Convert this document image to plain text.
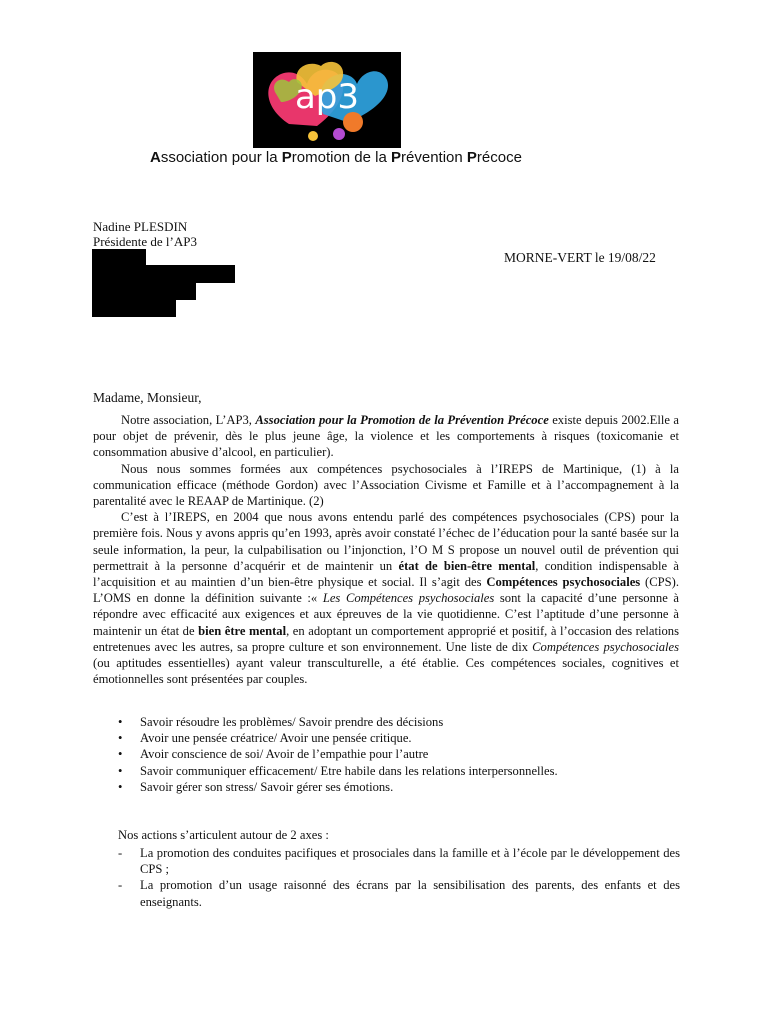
ap3
Association pour la Promotion de la Prévention Précoce
Nadine PLESDIN
Présidente de l’AP3
MORNE-VERT le 19/08/22
Madame, Monsieur,

Notre association, L’AP3, Association pour la Promotion de la Prévention Précoce existe depuis 2002.Elle a pour objet de prévenir, dès le plus jeune âge, la violence et les comportements à risques (toxicomanie et consommation abusive d’alcool, en particulier).

Nous nous sommes formées aux compétences psychosociales à l’IREPS de Martinique, (1) à la communication efficace (méthode Gordon) avec l’Association Civisme et Famille et à l’accompagnement à la parentalité avec le REAAP de Martinique. (2)

C’est à l’IREPS, en 2004 que nous avons entendu parlé des compétences psychosociales (CPS) pour la première fois. Nous y avons appris qu’en 1993, après avoir constaté l’échec de l’éducation pour la santé basée sur la seule information, la peur, la culpabilisation ou l’injonction, l’O M S propose un nouvel outil de prévention qui permettrait à la personne d’acquérir et de maintenir un état de bien-être mental, condition indispensable à l’acquisition et au maintien d’un bien-être physique et social. Il s’agit des Compétences psychosociales (CPS). L’OMS en donne la définition suivante :« Les Compétences psychosociales sont la capacité d’une personne à répondre avec efficacité aux exigences et aux épreuves de la vie quotidienne. C’est l’aptitude d’une personne à maintenir un état de bien être mental, en adoptant un comportement approprié et positif, à l’occasion des relations entretenues avec les autres, sa propre culture et son environnement. Une liste de dix Compétences psychosociales (ou aptitudes essentielles) ayant valeur transculturelle, a été établie. Ces compétences sociales, cognitives et émotionnelles sont présentées par couples.

• Savoir résoudre les problèmes/ Savoir prendre des décisions
• Avoir une pensée créatrice/ Avoir une pensée critique.
• Avoir conscience de soi/ Avoir de l’empathie pour l’autre
• Savoir communiquer efficacement/ Etre habile dans les relations interpersonnelles.
• Savoir gérer son stress/ Savoir gérer ses émotions.
Nos actions s’articulent autour de 2 axes :
- La promotion des conduites pacifiques et prosociales dans la famille et à l’école par le développement des CPS ;
- La promotion d’un usage raisonné des écrans par la sensibilisation des parents, des enfants et des enseignants.
